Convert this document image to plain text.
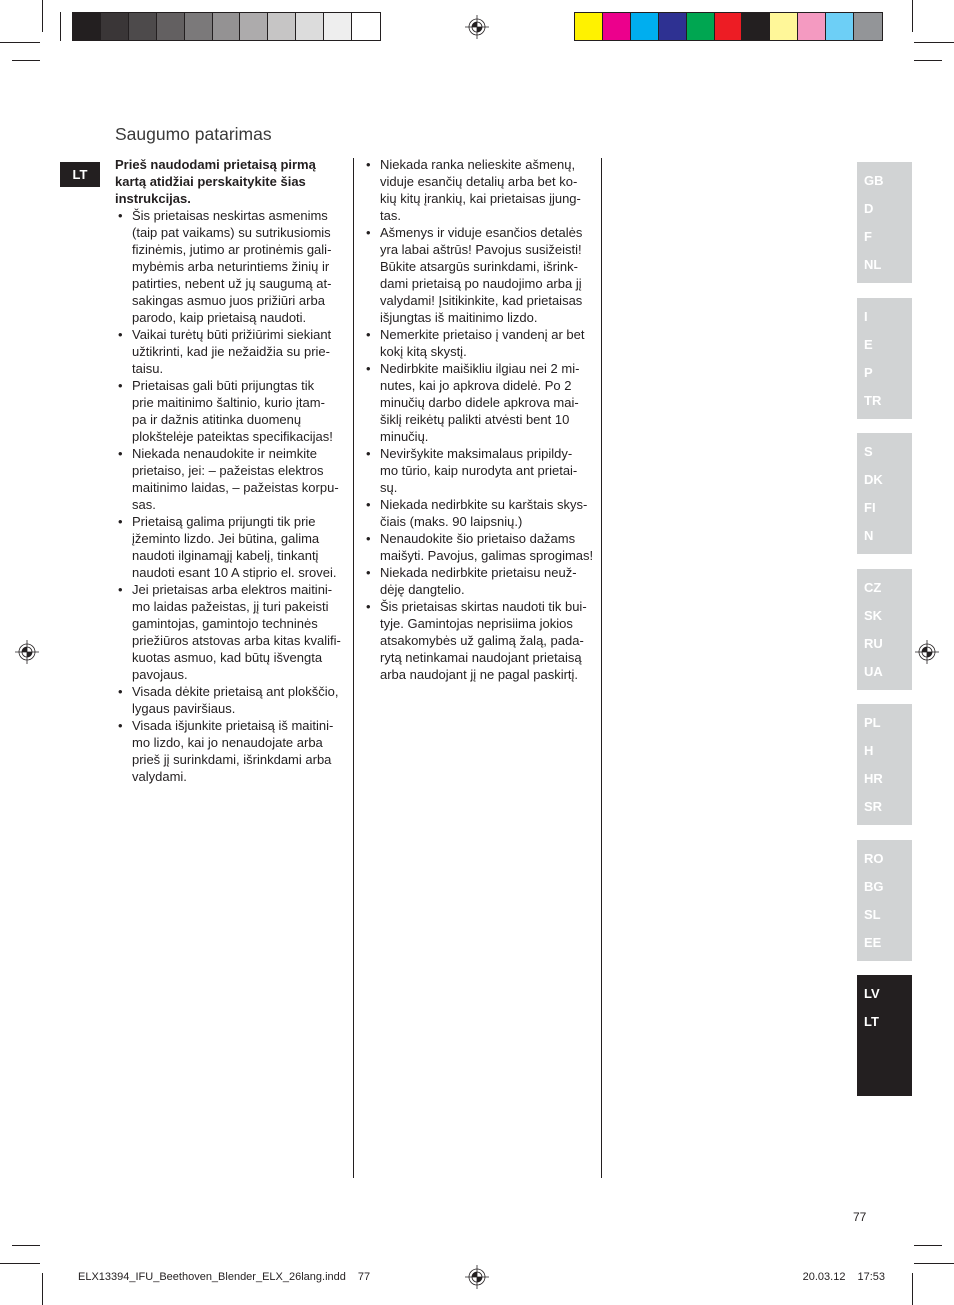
Saugumo patarimas
LT
Prieš naudodami prietaisą pirmą
kartą atidžiai perskaitykite šias
instrukcijas.
• Šis prietaisas neskirtas asmenims
(taip pat vaikams) su sutrikusiomis
fizinėmis, jutimo ar protinėmis gali-
mybėmis arba neturintiems žinių ir
patirties, nebent už jų saugumą at-
sakingas asmuo juos prižiūri arba
parodo, kaip prietaisą naudoti.
• Vaikai turėtų būti prižiūrimi siekiant
užtikrinti, kad jie nežaidžia su prie-
taisu.
• Prietaisas gali būti prijungtas tik
prie maitinimo šaltinio, kurio įtam-
pa ir dažnis atitinka duomenų
plokštelėje pateiktas specifikacijas!
• Niekada nenaudokite ir neimkite
prietaiso, jei: – pažeistas elektros
maitinimo laidas, – pažeistas korpu-
sas.
• Prietaisą galima prijungti tik prie
įžeminto lizdo. Jei būtina, galima
naudoti ilginamąjį kabelį, tinkantį
naudoti esant 10 A stiprio el. srovei.
• Jei prietaisas arba elektros maitini-
mo laidas pažeistas, jį turi pakeisti
gamintojas, gamintojo techninės
priežiūros atstovas arba kitas kvalifi-
kuotas asmuo, kad būtų išvengta
pavojaus.
• Visada dėkite prietaisą ant plokščio,
lygaus paviršiaus.
• Visada išjunkite prietaisą iš maitini-
mo lizdo, kai jo nenaudojate arba
prieš jį surinkdami, išrinkdami arba
valydami.
• Niekada ranka nelieskite ašmenų,
viduje esančių detalių arba bet ko-
kių kitų įrankių, kai prietaisas įjung-
tas.
• Ašmenys ir viduje esančios detalės
yra labai aštrūs! Pavojus susižeisti!
Būkite atsargūs surinkdami, išrink-
dami prietaisą po naudojimo arba jį
valydami! Įsitikinkite, kad prietaisas
išjungtas iš maitinimo lizdo.
• Nemerkite prietaiso į vandenį ar bet
kokį kitą skystį.
• Nedirbkite maišikliu ilgiau nei 2 mi-
nutes, kai jo apkrova didelė. Po 2
minučių darbo didele apkrova mai-
šiklį reikėtų palikti atvėsti bent 10
minučių.
• Neviršykite maksimalaus pripildy-
mo tūrio, kaip nurodyta ant prietai-
sų.
• Niekada nedirbkite su karštais skys-
čiais (maks. 90 laipsnių.)
• Nenaudokite šio prietaiso dažams
maišyti. Pavojus, galimas sprogimas!
• Niekada nedirbkite prietaisu neuž-
dėję dangtelio.
• Šis prietaisas skirtas naudoti tik bui-
tyje. Gamintojas neprisiima jokios
atsakomybės už galimą žalą, pada-
rytą netinkamai naudojant prietaisą
arba naudojant jį ne pagal paskirtį.
GB
D
F
NL
I
E
P
TR
S
DK
FI
N
CZ
SK
RU
UA
PL
H
HR
SR
RO
BG
SL
EE
LV
LT
77
ELX13394_IFU_Beethoven_Blender_ELX_26lang.indd 77	20.03.12 17:53
